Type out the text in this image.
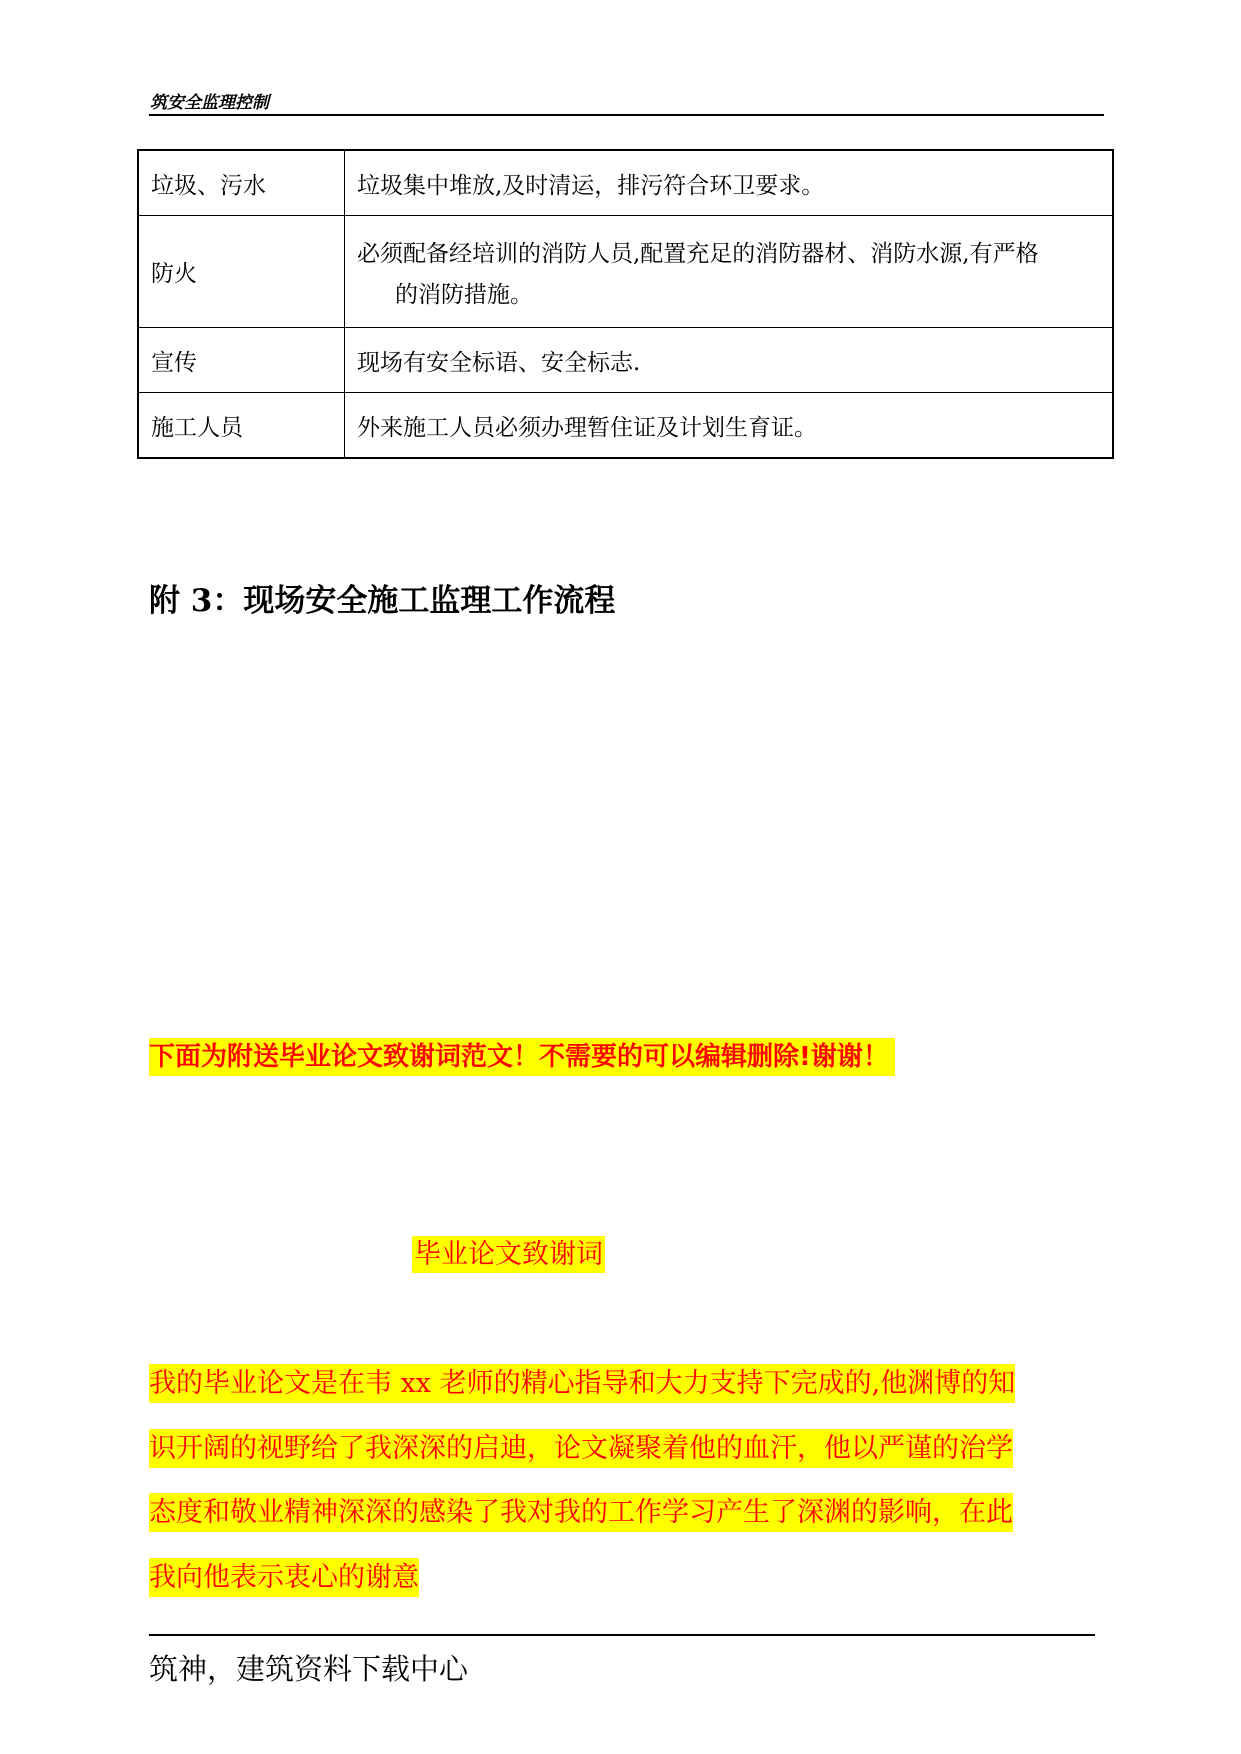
筑安全监理控制
垃圾、污水	垃圾集中堆放,及时清运，排污符合环卫要求。
防火	必须配备经培训的消防人员,配置充足的消防器材、消防水源,有严格
的消防措施。

宣传	现场有安全标语、安全标志.
施工人员	外来施工人员必须办理暂住证及计划生育证。
附 3：现场安全施工监理工作流程
下面为附送毕业论文致谢词范文！不需要的可以编辑删除!谢谢！
毕业论文致谢词
我的毕业论文是在韦 xx 老师的精心指导和大力支持下完成的,他渊博的知
识开阔的视野给了我深深的启迪，论文凝聚着他的血汗，他以严谨的治学
态度和敬业精神深深的感染了我对我的工作学习产生了深渊的影响，在此
我向他表示衷心的谢意
筑神，建筑资料下载中心
